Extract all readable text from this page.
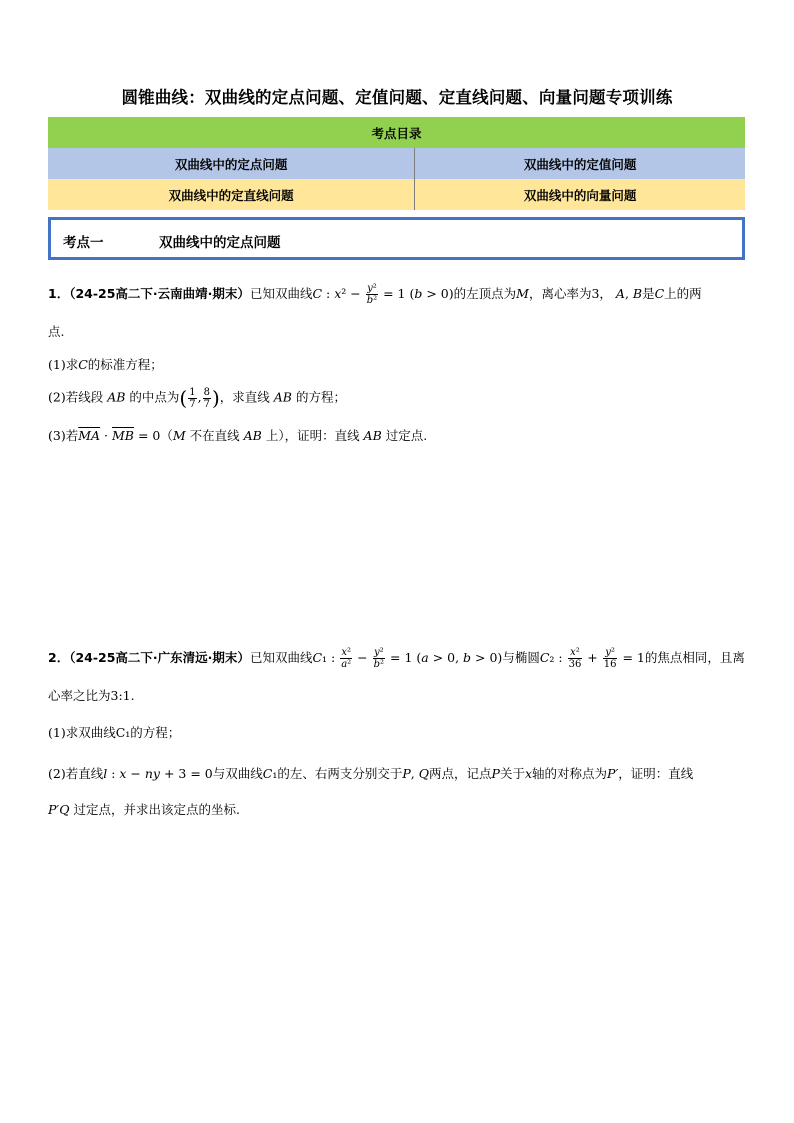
圆锥曲线：双曲线的定点问题、定值问题、定直线问题、向量问题专项训练
考点目录	
双曲线中的定点问题	双曲线中的定值问题
双曲线中的定直线问题	双曲线中的向量问题
考点一	双曲线中的定点问题
1．（24-25高二下·云南曲靖·期末）已知双曲线C : $x^2 - \frac{\text{y²}}{\text{b²}} = 1$ (b > 0)的左顶点为M，离心率为3， A, B是C上的两
点.
(1)求C的标准方程；
(2)若线段 AB 的中点为( $\frac{1}{7}$ , $\frac{8}{7}$ )，求直线 AB 的方程；
(3)若$\overline{MA} \cdot \overline{MB} = 0(M$ 不在直线 AB 上），证明：直线 AB 过定点.
2．（24-25高二下·广东清远·期末）已知双曲线C₁ : $\frac{\text{x²}}{\text{a²}} - \frac{\text{y²}}{\text{b²}} = 1$ (a > 0, b > 0)与椭圆C₂ : $\frac{\text{x²}}{36} + \frac{\text{y²}}{16} = 1$的焦点相同，且离
心率之比为3:1.
(1)求双曲线C₁的方程；
(2)若直线l : x − ny + 3 = 0与双曲线C₁的左、右两支分别交于P, Q两点，记点P关于x轴的对称点为P′，证明：直线
P′Q 过定点，并求出该定点的坐标.
